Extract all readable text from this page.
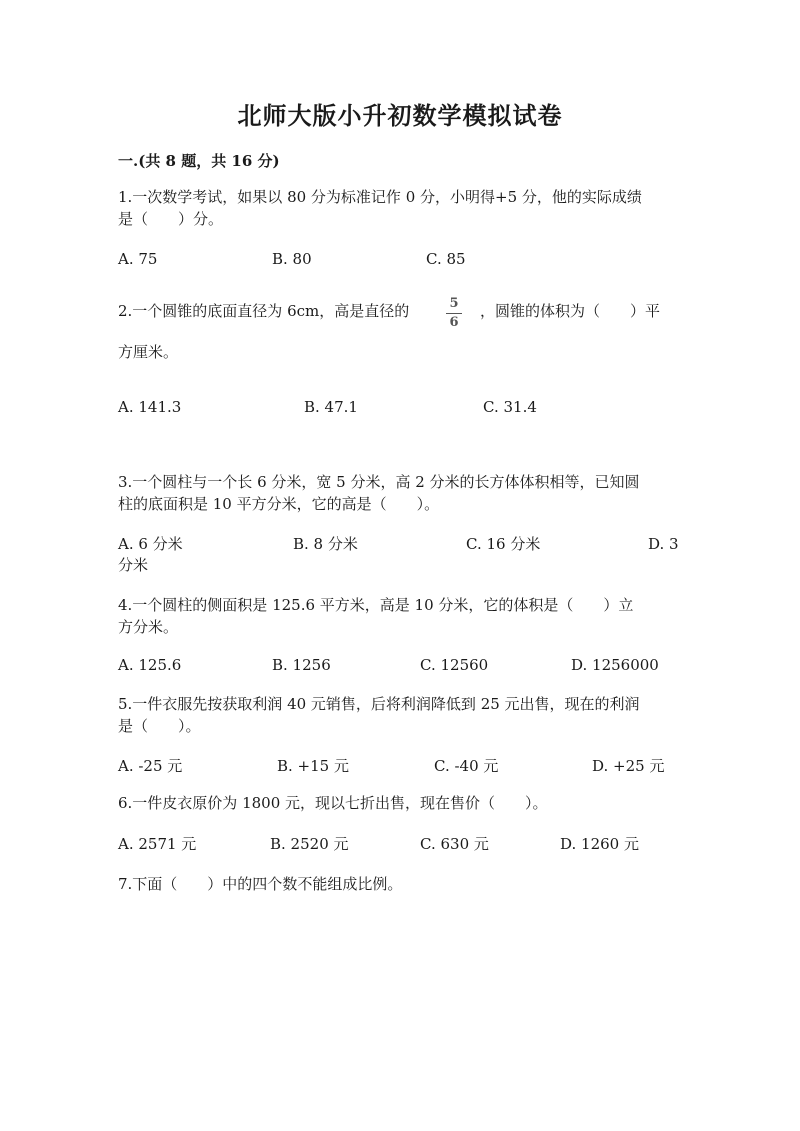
北师大版小升初数学模拟试卷
一.(共 8 题，共 16 分)
1.一次数学考试，如果以 80 分为标准记作 0 分，小明得+5 分，他的实际成绩
是（　　）分。
A. 75	B. 80	C. 85
2.一个圆锥的底面直径为 6cm，高是直径的	5
6
，圆锥的体积为（　　）平
方厘米。
A. 141.3	B. 47.1	C. 31.4
3.一个圆柱与一个长 6 分米，宽 5 分米，高 2 分米的长方体体积相等，已知圆
柱的底面积是 10 平方分米，它的高是（　　）。
A. 6 分米	B. 8 分米	C. 16 分米	D. 3
分米
4.一个圆柱的侧面积是 125.6 平方米，高是 10 分米，它的体积是（　　）立
方分米。
A. 125.6	B. 1256	C. 12560	D. 1256000
5.一件衣服先按获取利润 40 元销售，后将利润降低到 25 元出售，现在的利润
是（　　）。
A. -25 元	B. +15 元	C. -40 元	D. +25 元
6.一件皮衣原价为 1800 元，现以七折出售，现在售价（　　）。
A. 2571 元	B. 2520 元	C. 630 元	D. 1260 元
7.下面（　　）中的四个数不能组成比例。
